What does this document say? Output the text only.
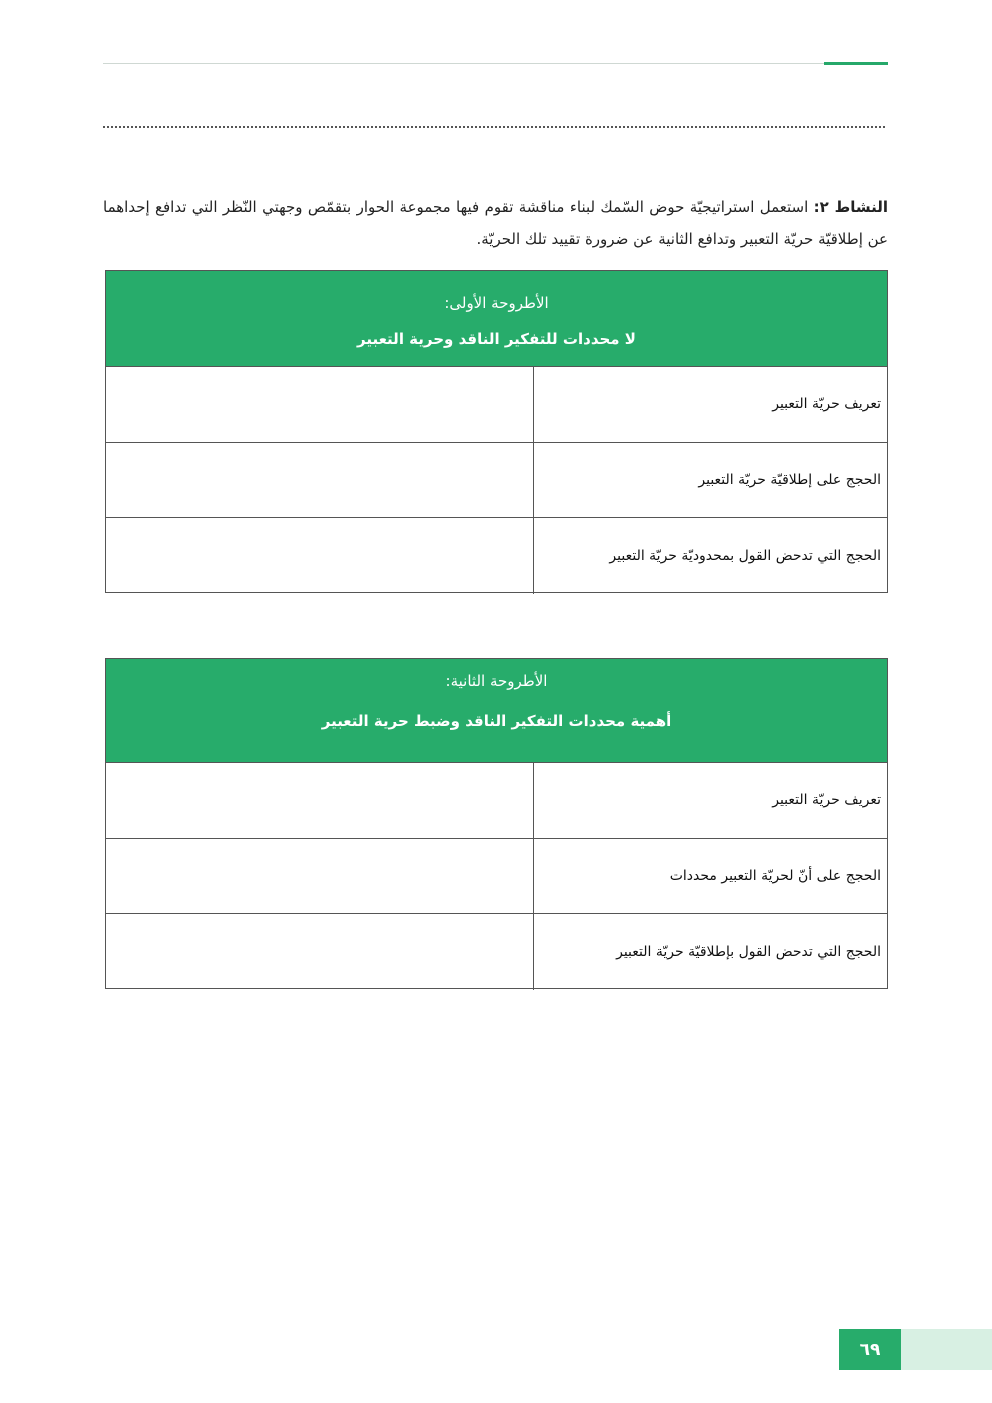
النشاط ٢: استعمل استراتيجيّة حوض السّمك لبناء مناقشة تقوم فيها مجموعة الحوار بتقمّص وجهتي النّظر التي تدافع إحداهما عن إطلاقيّة حريّة التعبير وتدافع الثانية عن ضرورة تقييد تلك الحريّة.

الأطروحة الأولى:
لا محددات للتفكير الناقد وحرية التعبير
تعريف حريّة التعبير
الحجج على إطلاقيّة حريّة التعبير
الحجج التي تدحض القول بمحدوديّة حريّة التعبير
الأطروحة الثانية:
أهمية محددات التفكير الناقد وضبط حرية التعبير
تعريف حريّة التعبير
الحجج على أنّ لحريّة التعبير محددات
الحجج التي تدحض القول بإطلاقيّة حريّة التعبير
٦٩
